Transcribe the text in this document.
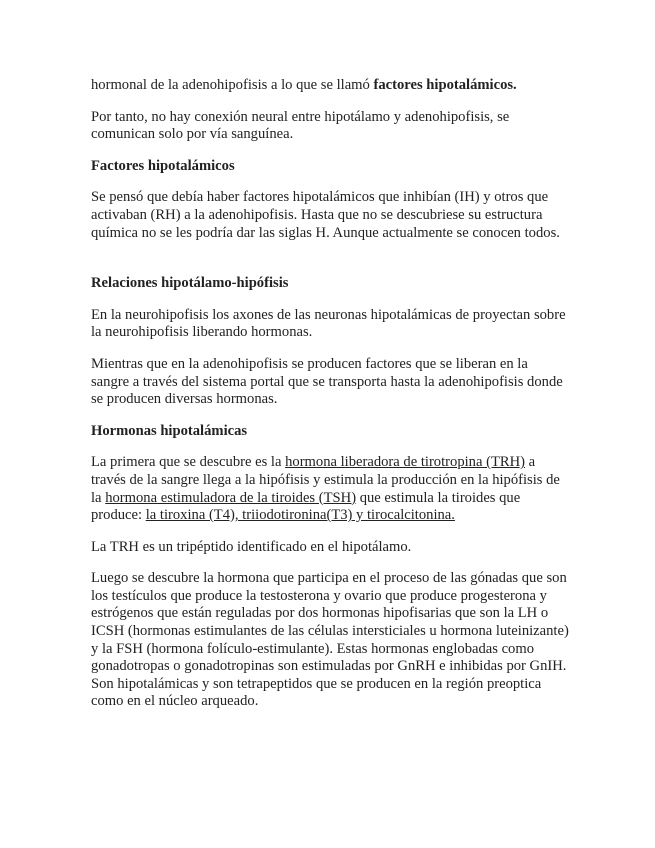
hormonal de la adenohipofisis a lo que se llamó factores hipotalámicos.

Por tanto, no hay conexión neural entre hipotálamo y adenohipofisis, se comunican solo por vía sanguínea.

Factores hipotalámicos

Se pensó que debía haber factores hipotalámicos que inhibían (IH) y otros que activaban (RH) a la adenohipofisis. Hasta que no se descubriese su estructura química no se les podría dar las siglas H. Aunque actualmente se conocen todos.

Relaciones hipotálamo-hipófisis

En la neurohipofisis los axones de las neuronas hipotalámicas de proyectan sobre la neurohipofisis liberando hormonas.

Mientras que en la adenohipofisis se producen factores que se liberan en la sangre a través del sistema portal que se transporta hasta la adenohipofisis donde se producen diversas hormonas.

Hormonas hipotalámicas

La primera que se descubre es la hormona liberadora de tirotropina (TRH) a través de la sangre llega a la hipófisis y estimula la producción en la hipófisis de la hormona estimuladora de la tiroides (TSH) que estimula la tiroides que produce: la tiroxina (T4), triiodotironina(T3) y tirocalcitonina.

La TRH es un tripéptido identificado en el hipotálamo.

Luego se descubre la hormona que participa en el proceso de las gónadas que son los testículos que produce la testosterona y ovario que produce progesterona y estrógenos que están reguladas por dos hormonas hipofisarias que son la LH o ICSH (hormonas estimulantes de las células intersticiales u hormona luteinizante) y la FSH (hormona folículo-estimulante). Estas hormonas englobadas como gonadotropas o gonadotropinas son estimuladas por GnRH e inhibidas por GnIH. Son hipotalámicas y son tetrapeptidos que se producen en la región preoptica como en el núcleo arqueado.
